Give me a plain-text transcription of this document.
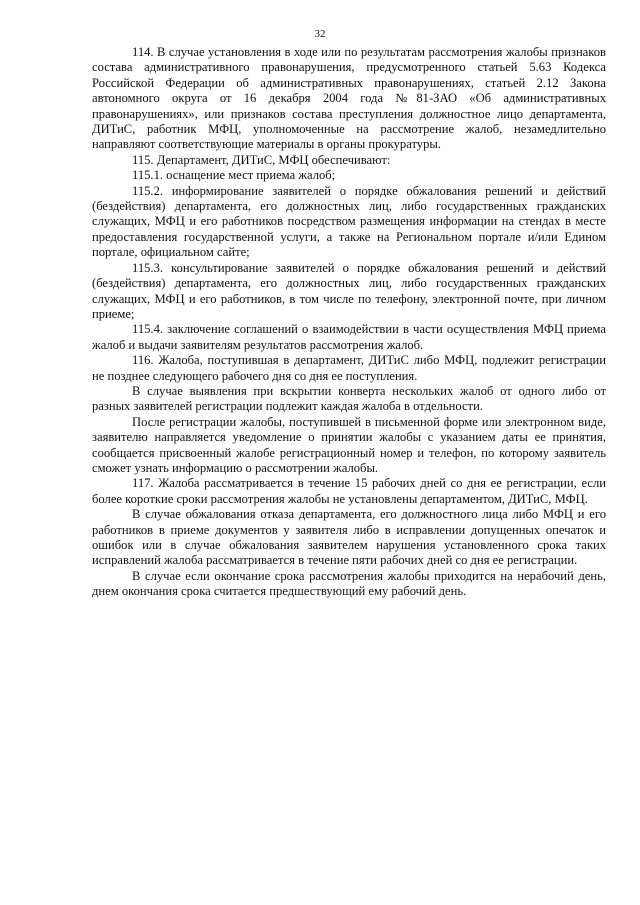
32

114. В случае установления в ходе или по результатам рассмотрения жалобы признаков состава административного правонарушения, предусмотренного статьей 5.63 Кодекса Российской Федерации об административных правонарушениях, статьей 2.12 Закона автономного округа от 16 декабря 2004 года №81-ЗАО «Об административных правонарушениях», или признаков состава преступления должностное лицо департамента, ДИТиС, работник МФЦ, уполномоченные на рассмотрение жалоб, незамедлительно направляют соответствующие материалы в органы прокуратуры.

115. Департамент, ДИТиС, МФЦ обеспечивают:

115.1. оснащение мест приема жалоб;

115.2. информирование заявителей о порядке обжалования решений и действий (бездействия) департамента, его должностных лиц, либо государственных гражданских служащих, МФЦ и его работников посредством размещения информации на стендах в месте предоставления государственной услуги, а также на Региональном портале и/или Едином портале, официальном сайте;

115.3. консультирование заявителей о порядке обжалования решений и действий (бездействия) департамента, его должностных лиц, либо государственных гражданских служащих, МФЦ и его работников, в том числе по телефону, электронной почте, при личном приеме;

115.4. заключение соглашений о взаимодействии в части осуществления МФЦ приема жалоб и выдачи заявителям результатов рассмотрения жалоб.

116. Жалоба, поступившая в департамент, ДИТиС либо МФЦ, подлежит регистрации не позднее следующего рабочего дня со дня ее поступления.

В случае выявления при вскрытии конверта нескольких жалоб от одного либо от разных заявителей регистрации подлежит каждая жалоба в отдельности.

После регистрации жалобы, поступившей в письменной форме или электронном виде, заявителю направляется уведомление о принятии жалобы с указанием даты ее принятия, сообщается присвоенный жалобе регистрационный номер и телефон, по которому заявитель сможет узнать информацию о рассмотрении жалобы.

117. Жалоба рассматривается в течение 15 рабочих дней со дня ее регистрации, если более короткие сроки рассмотрения жалобы не установлены департаментом, ДИТиС, МФЦ.

В случае обжалования отказа департамента, его должностного лица либо МФЦ и его работников в приеме документов у заявителя либо в исправлении допущенных опечаток и ошибок или в случае обжалования заявителем нарушения установленного срока таких исправлений жалоба рассматривается в течение пяти рабочих дней со дня ее регистрации.

В случае если окончание срока рассмотрения жалобы приходится на нерабочий день, днем окончания срока считается предшествующий ему рабочий день.
